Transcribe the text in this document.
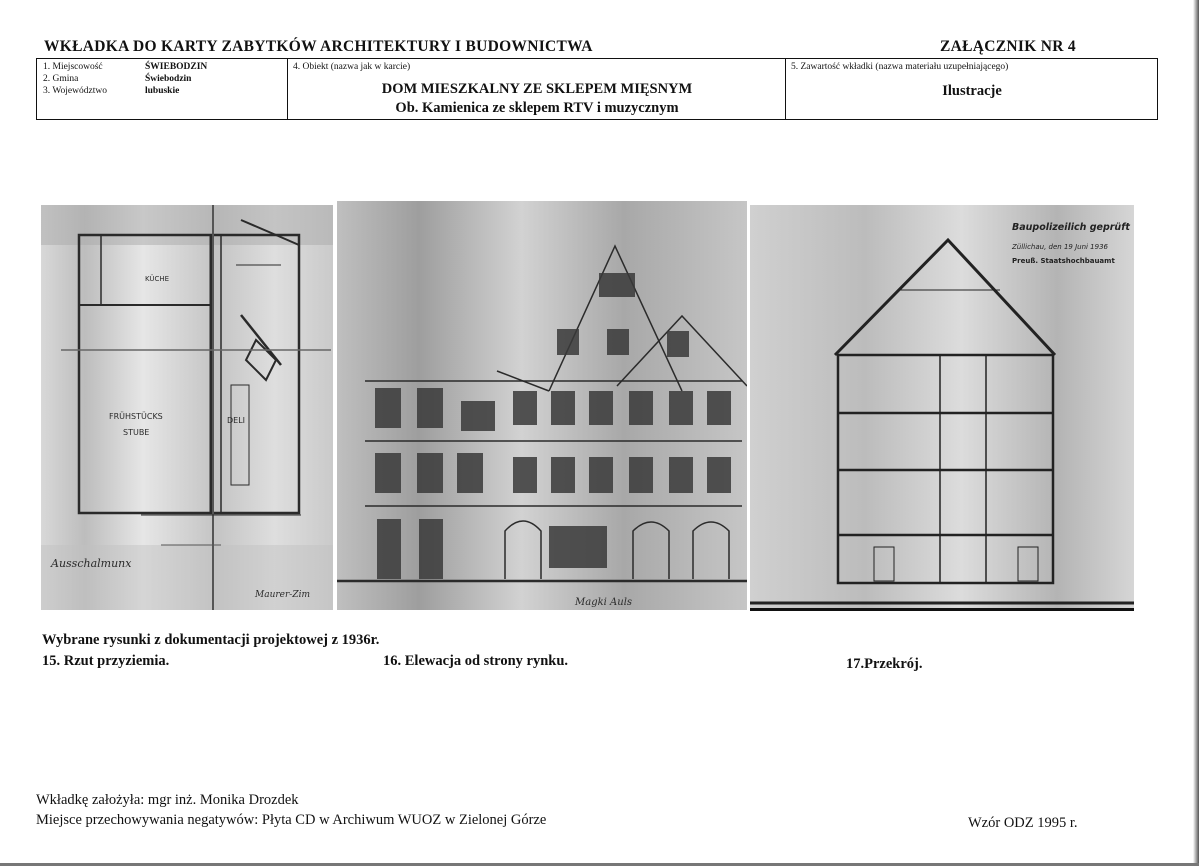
WKŁADKA DO KARTY ZABYTKÓW ARCHITEKTURY I BUDOWNICTWA	ZAŁĄCZNIK NR 4
1. Miejscowość	ŚWIEBODZIN
2. Gmina	Świebodzin
3. Województwo	lubuskie
4. Obiekt (nazwa jak w karcie)
DOM MIESZKALNY ZE SKLEPEM MIĘSNYM
Ob. Kamienica ze sklepem RTV i muzycznym
5. Zawartość wkładki (nazwa materiału uzupełniającego)
Ilustracje
KÜCHE
FRÜHSTÜCKS
STUBE
DELI
Ausschalmunx
Maurer-Zim
Magki Auls
Baupolizeilich geprüft
Züllichau, den 19 Juni 1936
Preuß. Staatshochbauamt
Wybrane rysunki z dokumentacji projektowej z 1936r.
15. Rzut przyziemia.	16. Elewacja od strony rynku.	17.Przekrój.
Wkładkę założyła: mgr inż. Monika Drozdek
Miejsce przechowywania negatywów: Płyta CD w Archiwum WUOZ w Zielonej Górze	Wzór ODZ 1995 r.
